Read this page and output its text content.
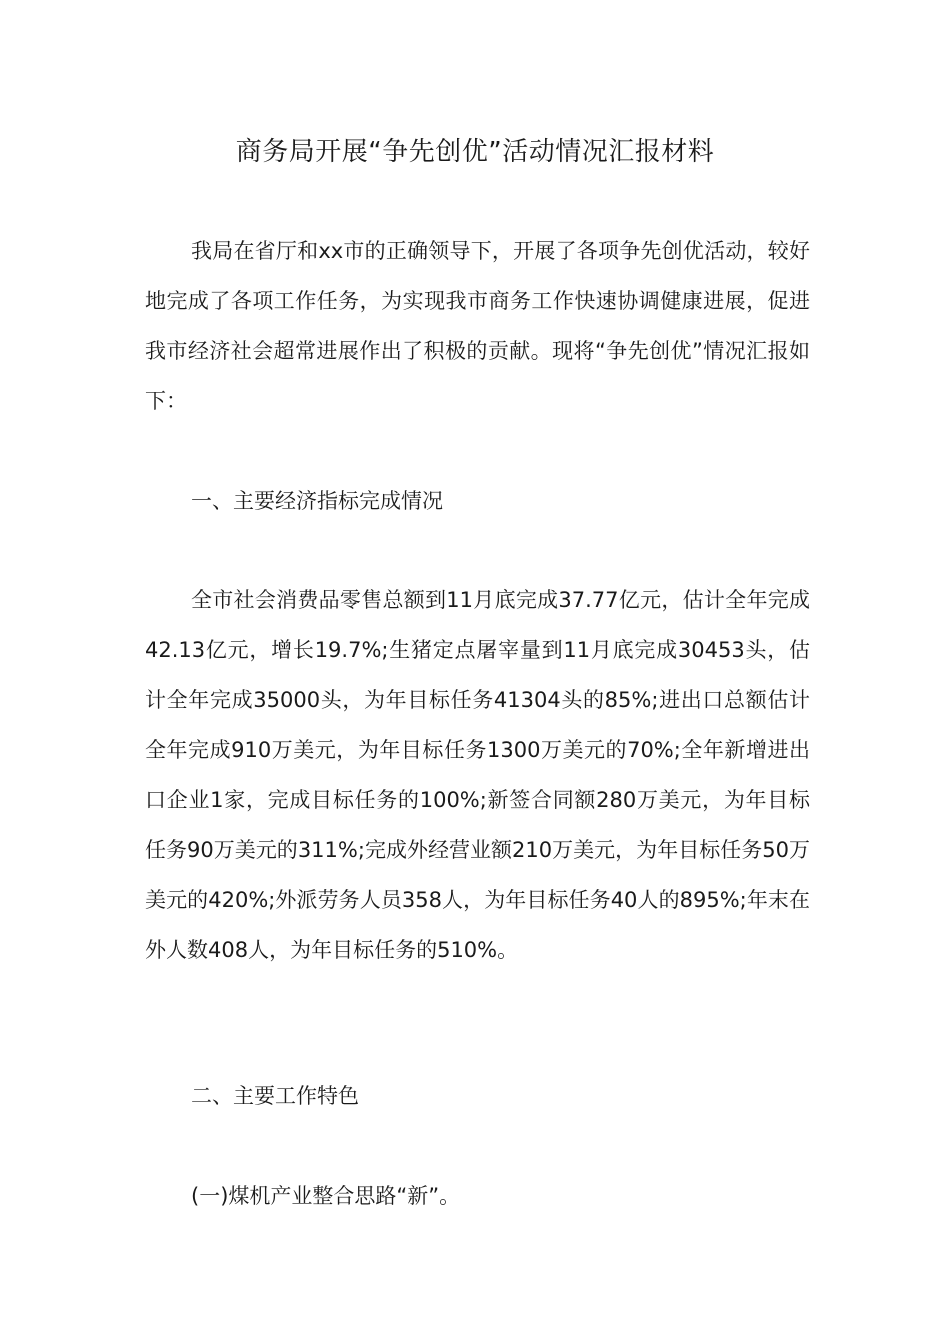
商务局开展“争先创优”活动情况汇报材料

我局在省厅和xx市的正确领导下，开展了各项争先创优活动，较好地完成了各项工作任务，为实现我市商务工作快速协调健康进展，促进我市经济社会超常进展作出了积极的贡献。现将“争先创优”情况汇报如下：

一、主要经济指标完成情况

全市社会消费品零售总额到11月底完成37.77亿元，估计全年完成42.13亿元，增长19.7%;生猪定点屠宰量到11月底完成30453头，估计全年完成35000头，为年目标任务41304头的85%;进出口总额估计全年完成910万美元，为年目标任务1300万美元的70%;全年新增进出口企业1家，完成目标任务的100%;新签合同额280万美元，为年目标任务90万美元的311%;完成外经营业额210万美元，为年目标任务50万美元的420%;外派劳务人员358人，为年目标任务40人的895%;年末在外人数408人，为年目标任务的510%。

二、主要工作特色

(一)煤机产业整合思路“新”。
